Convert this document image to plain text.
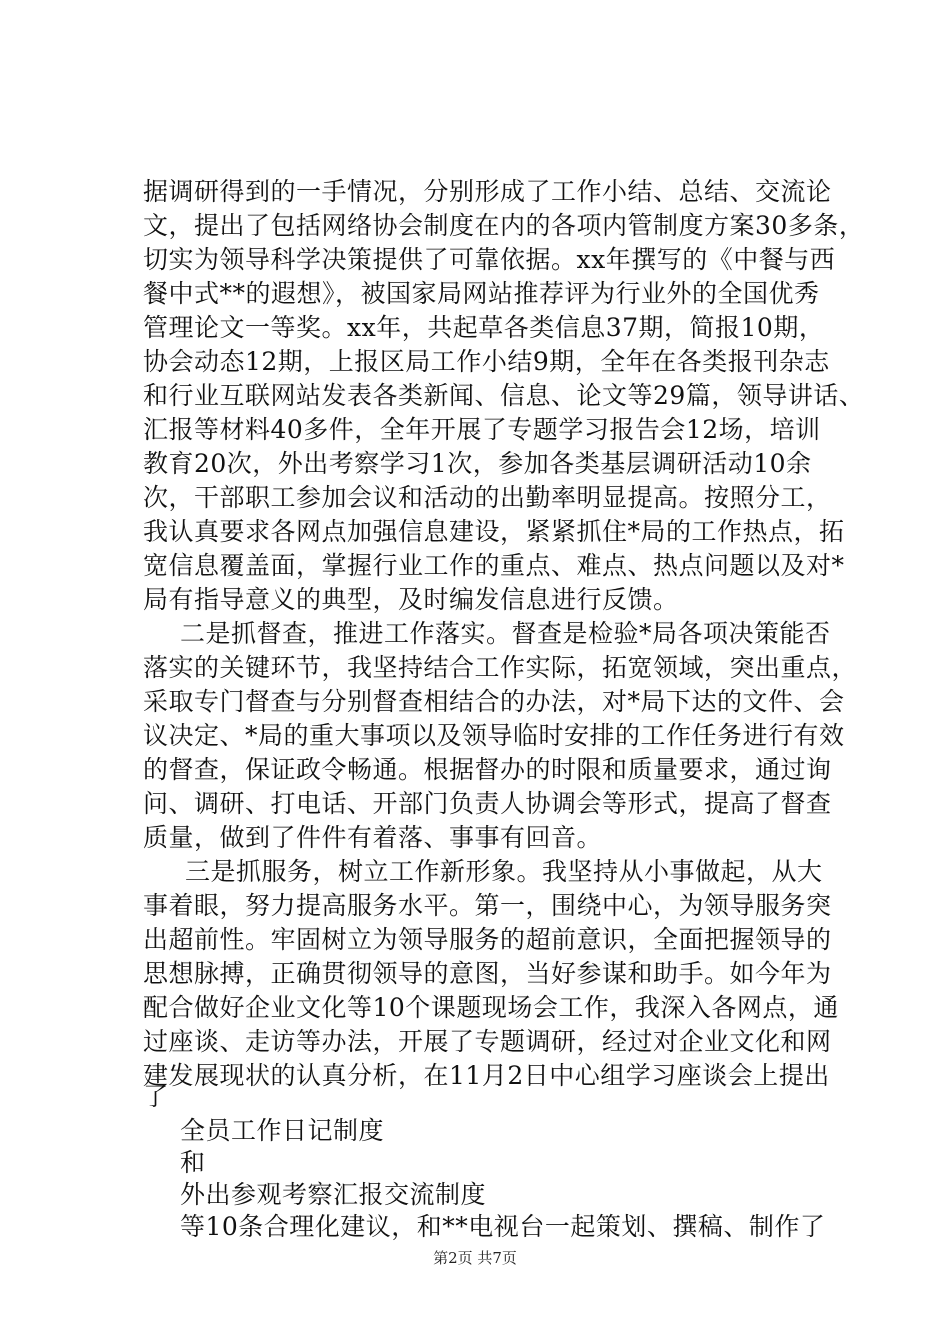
据调研得到的一手情况，分别形成了工作小结、总结、交流论
文，提出了包括网络协会制度在内的各项内管制度方案30多条，
切实为领导科学决策提供了可靠依据。xx年撰写的《中餐与西
餐中式**的遐想》，被国家局网站推荐评为行业外的全国优秀
管理论文一等奖。xx年，共起草各类信息37期，简报10期，
协会动态12期，上报区局工作小结9期，全年在各类报刊杂志
和行业互联网站发表各类新闻、信息、论文等29篇，领导讲话、
汇报等材料40多件，全年开展了专题学习报告会12场，培训
教育20次，外出考察学习1次，参加各类基层调研活动10余
次，干部职工参加会议和活动的出勤率明显提高。按照分工，
我认真要求各网点加强信息建设，紧紧抓住*局的工作热点，拓
宽信息覆盖面，掌握行业工作的重点、难点、热点问题以及对*
局有指导意义的典型，及时编发信息进行反馈。
二是抓督查，推进工作落实。督查是检验*局各项决策能否
落实的关键环节，我坚持结合工作实际，拓宽领域，突出重点，
采取专门督查与分别督查相结合的办法，对*局下达的文件、会
议决定、*局的重大事项以及领导临时安排的工作任务进行有效
的督查，保证政令畅通。根据督办的时限和质量要求，通过询
问、调研、打电话、开部门负责人协调会等形式，提高了督查
质量，做到了件件有着落、事事有回音。
三是抓服务，树立工作新形象。我坚持从小事做起，从大
事着眼，努力提高服务水平。第一，围绕中心，为领导服务突
出超前性。牢固树立为领导服务的超前意识，全面把握领导的
思想脉搏，正确贯彻领导的意图，当好参谋和助手。如今年为
配合做好企业文化等10个课题现场会工作，我深入各网点，通
过座谈、走访等办法，开展了专题调研，经过对企业文化和网
建发展现状的认真分析，在11月2日中心组学习座谈会上提出
了
全员工作日记制度
和
外出参观考察汇报交流制度
第2页 共7页
等10条合理化建议，和**电视台一起策划、撰稿、制作了
